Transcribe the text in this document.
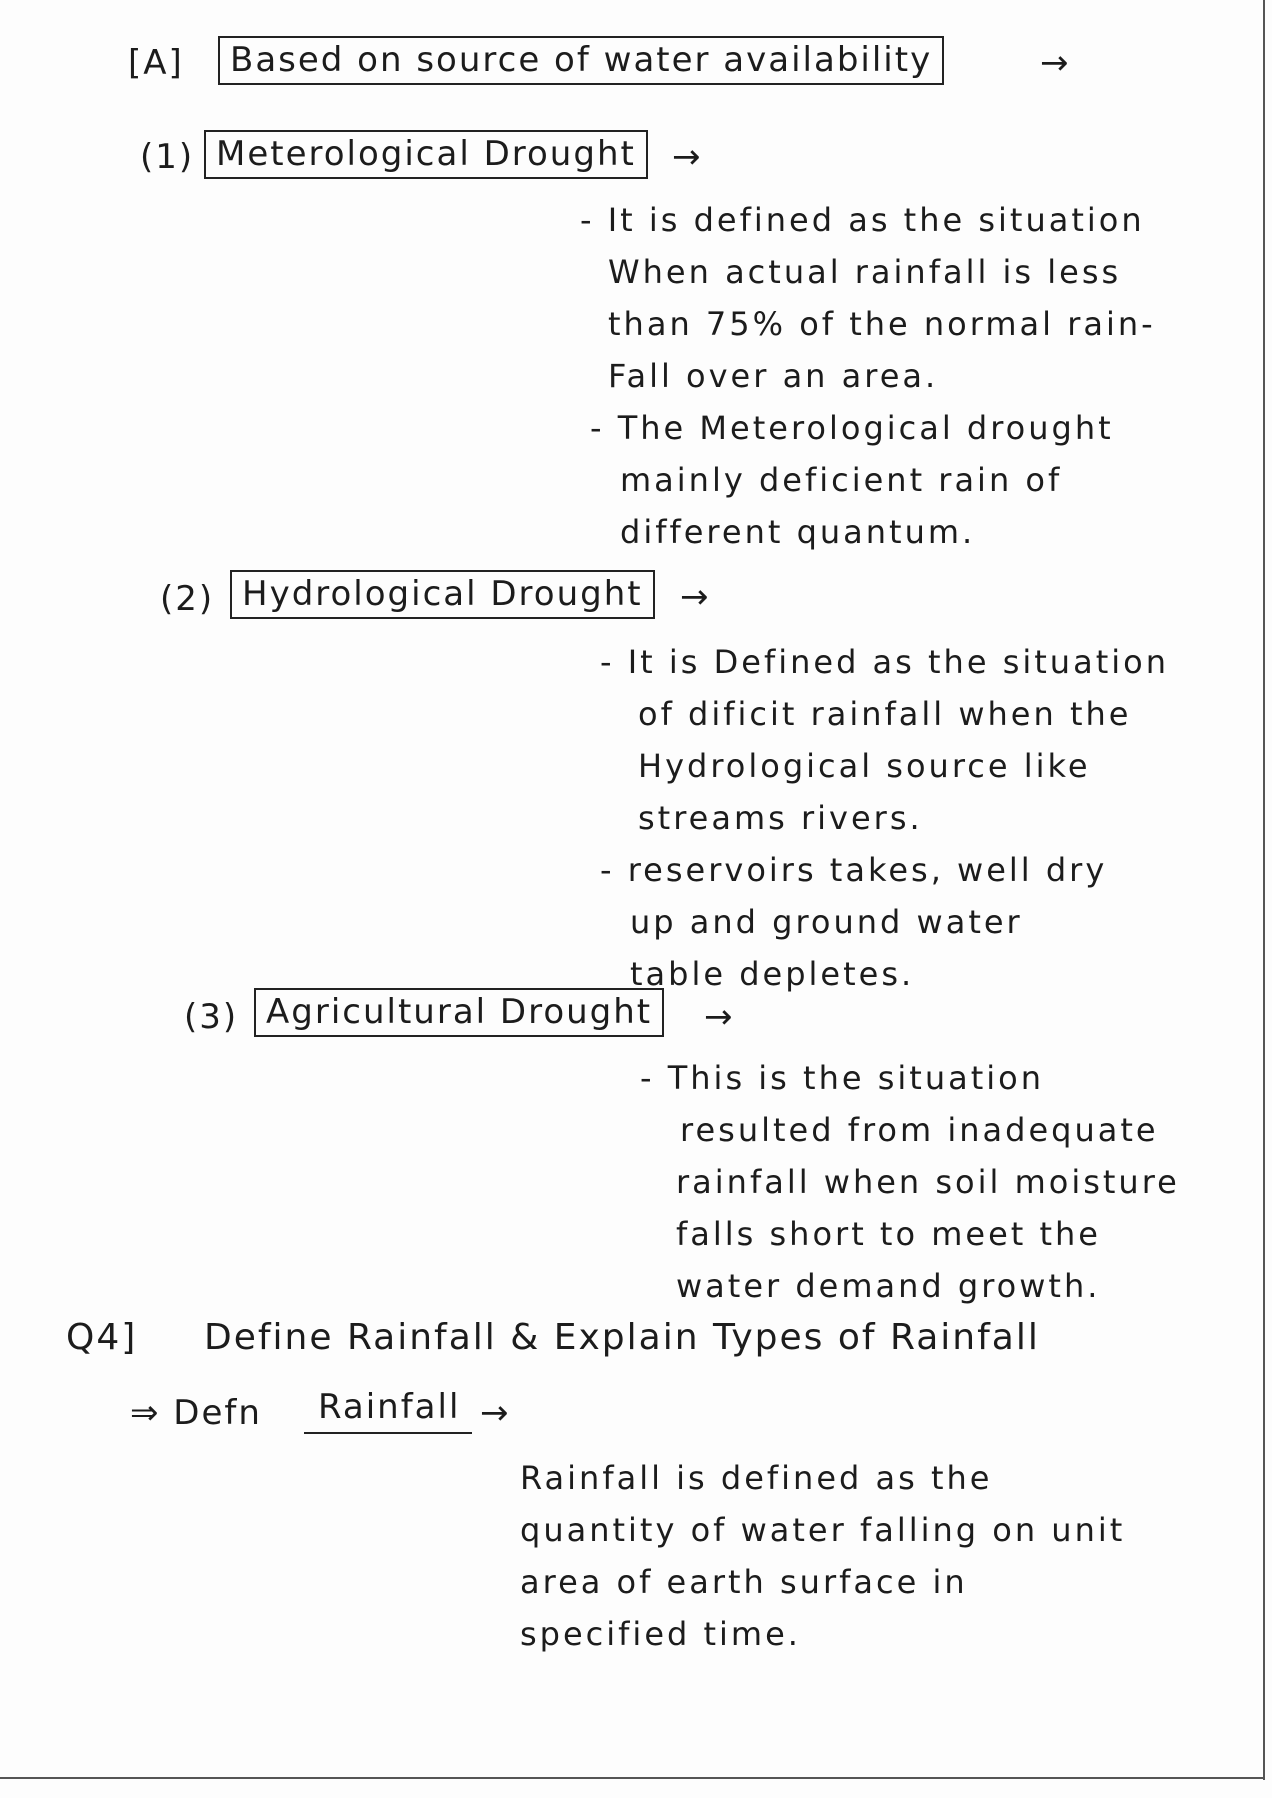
[A]	Based on source of water availability	→
(1) Meterological Drought	→
- It is defined as the situation
When actual rainfall is less
than 75% of the normal rain-
Fall over an area.
- The Meterological drought
mainly deficient rain of
different quantum.
(2) Hydrological Drought	→
- It is Defined as the situation
of dificit rainfall when the
Hydrological source like
streams rivers.
- reservoirs takes, well dry
up and ground water
table depletes.
(3) Agricultural Drought	→
- This is the situation
resulted from inadequate
rainfall when soil moisture
falls short to meet the
water demand growth.
Q4] Define Rainfall & Explain Types of Rainfall
⇒ Defn Rainfall →
Rainfall is defined as the
quantity of water falling on unit
area of earth surface in
specified time.
